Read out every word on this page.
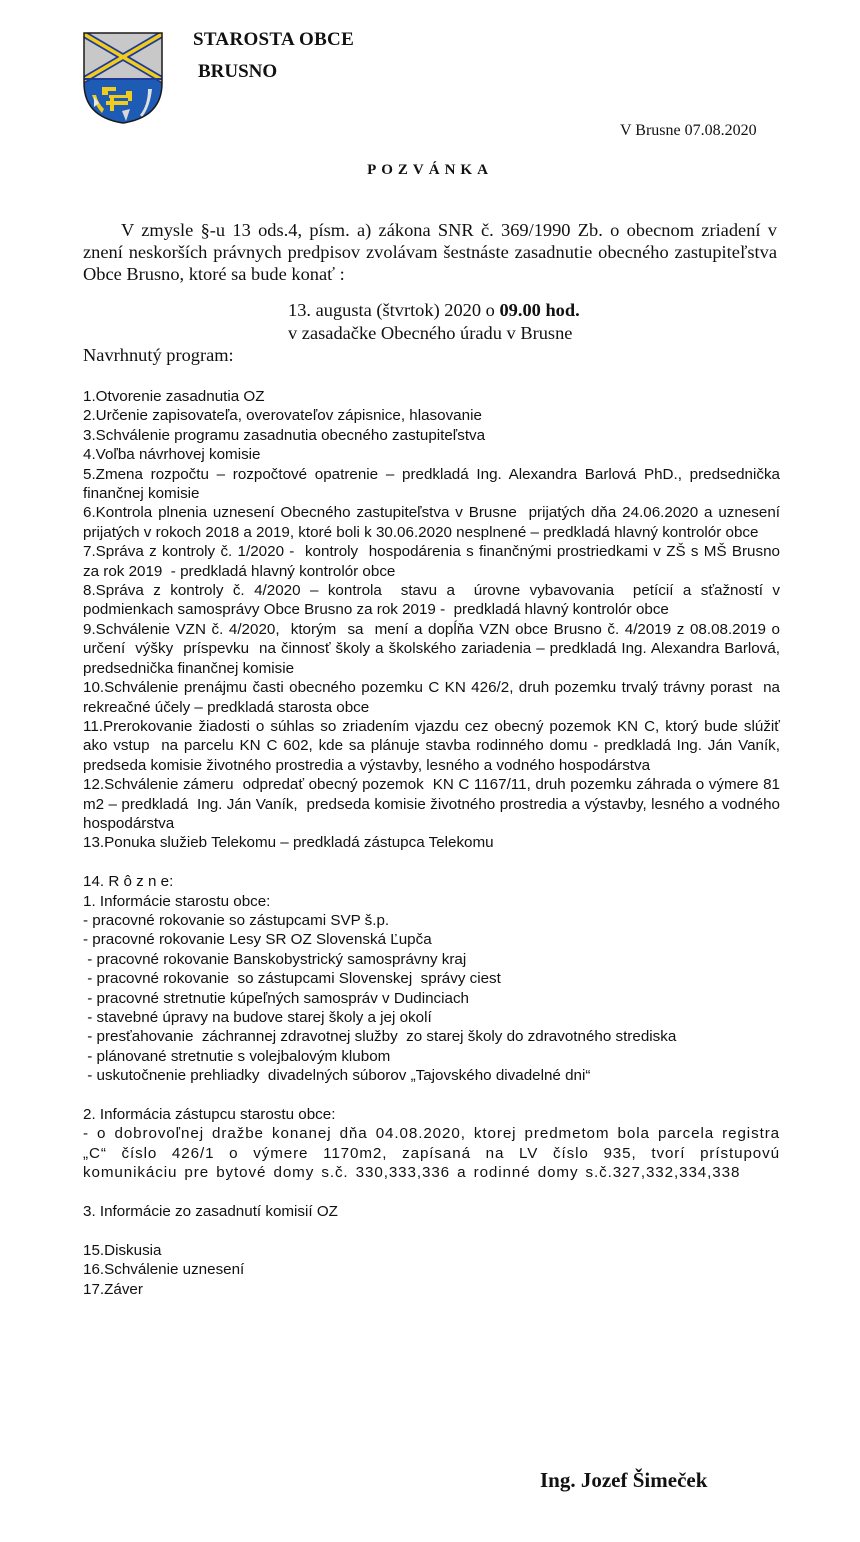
STAROSTA OBCE
BRUSNO
V Brusne 07.08.2020
POZVÁNKA
V zmysle §-u 13 ods.4, písm. a) zákona SNR č. 369/1990 Zb. o obecnom zriadení v znení neskorších právnych predpisov zvolávam šestnáste zasadnutie obecného zastupiteľstva Obce Brusno, ktoré sa bude konať :
13. augusta (štvrtok) 2020 o 09.00 hod.
v zasadačke Obecného úradu v Brusne
Navrhnutý program:
1.Otvorenie zasadnutia OZ
2.Určenie zapisovateľa, overovateľov zápisnice, hlasovanie
3.Schválenie programu zasadnutia obecného zastupiteľstva
4.Voľba návrhovej komisie
5.Zmena rozpočtu – rozpočtové opatrenie – predkladá Ing. Alexandra Barlová PhD., predsednička finančnej komisie
6.Kontrola plnenia uznesení Obecného zastupiteľstva v Brusne  prijatých dňa 24.06.2020 a uznesení prijatých v rokoch 2018 a 2019, ktoré boli k 30.06.2020 nesplnené – predkladá hlavný kontrolór obce
7.Správa z kontroly č. 1/2020 -  kontroly  hospodárenia s finančnými prostriedkami v ZŠ s MŠ Brusno za rok 2019  - predkladá hlavný kontrolór obce
8.Správa z kontroly č. 4/2020 – kontrola  stavu a  úrovne vybavovania  petícií a sťažností v podmienkach samosprávy Obce Brusno za rok 2019 -  predkladá hlavný kontrolór obce
9.Schválenie VZN č. 4/2020,  ktorým  sa  mení a dopĺňa VZN obce Brusno č. 4/2019 z 08.08.2019 o  určení  výšky  príspevku  na činnosť školy a školského zariadenia – predkladá Ing. Alexandra Barlová, predsednička finančnej komisie
10.Schválenie prenájmu časti obecného pozemku C KN 426/2, druh pozemku trvalý trávny porast  na rekreačné účely – predkladá starosta obce
11.Prerokovanie žiadosti o súhlas so zriadením vjazdu cez obecný pozemok KN C, ktorý bude slúžiť ako vstup  na parcelu KN C 602, kde sa plánuje stavba rodinného domu - predkladá Ing. Ján Vaník, predseda komisie životného prostredia a výstavby, lesného a vodného hospodárstva
12.Schválenie zámeru  odpredať obecný pozemok  KN C 1167/11, druh pozemku záhrada o výmere 81 m2 – predkladá  Ing. Ján Vaník,  predseda komisie životného prostredia a výstavby, lesného a vodného hospodárstva
13.Ponuka služieb Telekomu – predkladá zástupca Telekomu
14. R ô z n e:
1. Informácie starostu obce:
- pracovné rokovanie so zástupcami SVP š.p.
- pracovné rokovanie Lesy SR OZ Slovenská Ľupča
- pracovné rokovanie Banskobystrický samosprávny kraj
- pracovné rokovanie  so zástupcami Slovenskej  správy ciest
- pracovné stretnutie kúpeľných samospráv v Dudinciach
- stavebné úpravy na budove starej školy a jej okolí
- presťahovanie  záchrannej zdravotnej služby  zo starej školy do zdravotného strediska
- plánované stretnutie s volejbalovým klubom
- uskutočnenie prehliadky  divadelných súborov „Tajovského divadelné dni“
2. Informácia zástupcu starostu obce:
- o dobrovoľnej dražbe konanej dňa 04.08.2020, ktorej predmetom bola parcela registra „C“ číslo 426/1 o výmere 1170m2, zapísaná na LV číslo 935, tvorí prístupovú komunikáciu pre bytové domy s.č. 330,333,336 a rodinné domy s.č.327,332,334,338
3. Informácie zo zasadnutí komisií OZ
15.Diskusia
16.Schválenie uznesení
17.Záver
Ing. Jozef Šimeček
